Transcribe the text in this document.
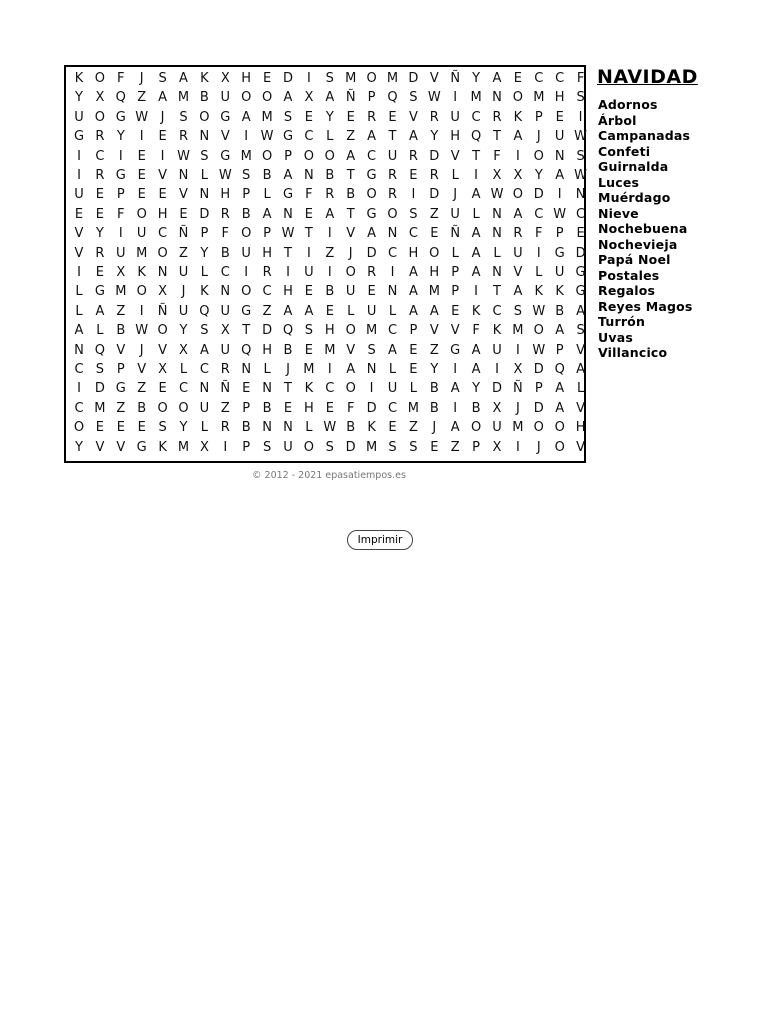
K O F	J	S A K X H E D	I	S M O M D V Ñ Y A E C C F
Y X Q Z A M B U O O A X A Ñ P Q S W I	M N O M H S
U O G W J	S O G A M S E Y E R E V R U C R K P E	I
G R Y	I	E R N V	I W G C L Z A T A Y H Q T A	J	U W
I	C	I	E	I W S G M O P O O A C U R D V T	F	I	O N S
I	R G E V N L W S B A N B T G R E R L	I	X X Y A W
U E P E E V N H P	L G F R B O R	I	D	J	A W O D	I	N
E E	F O H E D R B A N E A T G O S Z U L N A C W C
V Y	I	U C Ñ P	F O P W T	I	V A N C E Ñ A N R F	P E
V R U M O Z Y B U H T	I	Z	J	D C H O L A L U	I	G D
I	E X K N U L C	I	R	I	U	I	O R	I	A H P A N V L U G
L G M O X	J	K N O C H E B U E N A M P	I	T A K K G
L A Z	I	Ñ U Q U G Z A A E	L U L A A E K C S W B A
A L B W O Y S X T D Q S H O M C P V V F K M O A S
N Q V	J	V X A U Q H B E M V S A E Z G A U	I W P V
C S P V X L C R N L	J	M	I	A N L	E Y	I	A	I	X D Q A
I	D G Z E C N Ñ E N T K C O	I	U L B A Y D Ñ P A L
C M Z B O O U Z P B E H E	F D C M B	I	B X	J	D A V
O E E E S Y	L R B N N L W B K E Z	J	A O U M O O H
Y V V G K M X	I	P S U O S D M S S E Z P X	I	J	O V
NAVIDAD
Adornos
Árbol
Campanadas
Confeti
Guirnalda
Luces
Muérdago
Nieve
Nochebuena
Nochevieja
Papá Noel
Postales
Regalos
Reyes Magos
Turrón
Uvas
Villancico
© 2012 - 2021 epasatiempos.es
Imprimir
